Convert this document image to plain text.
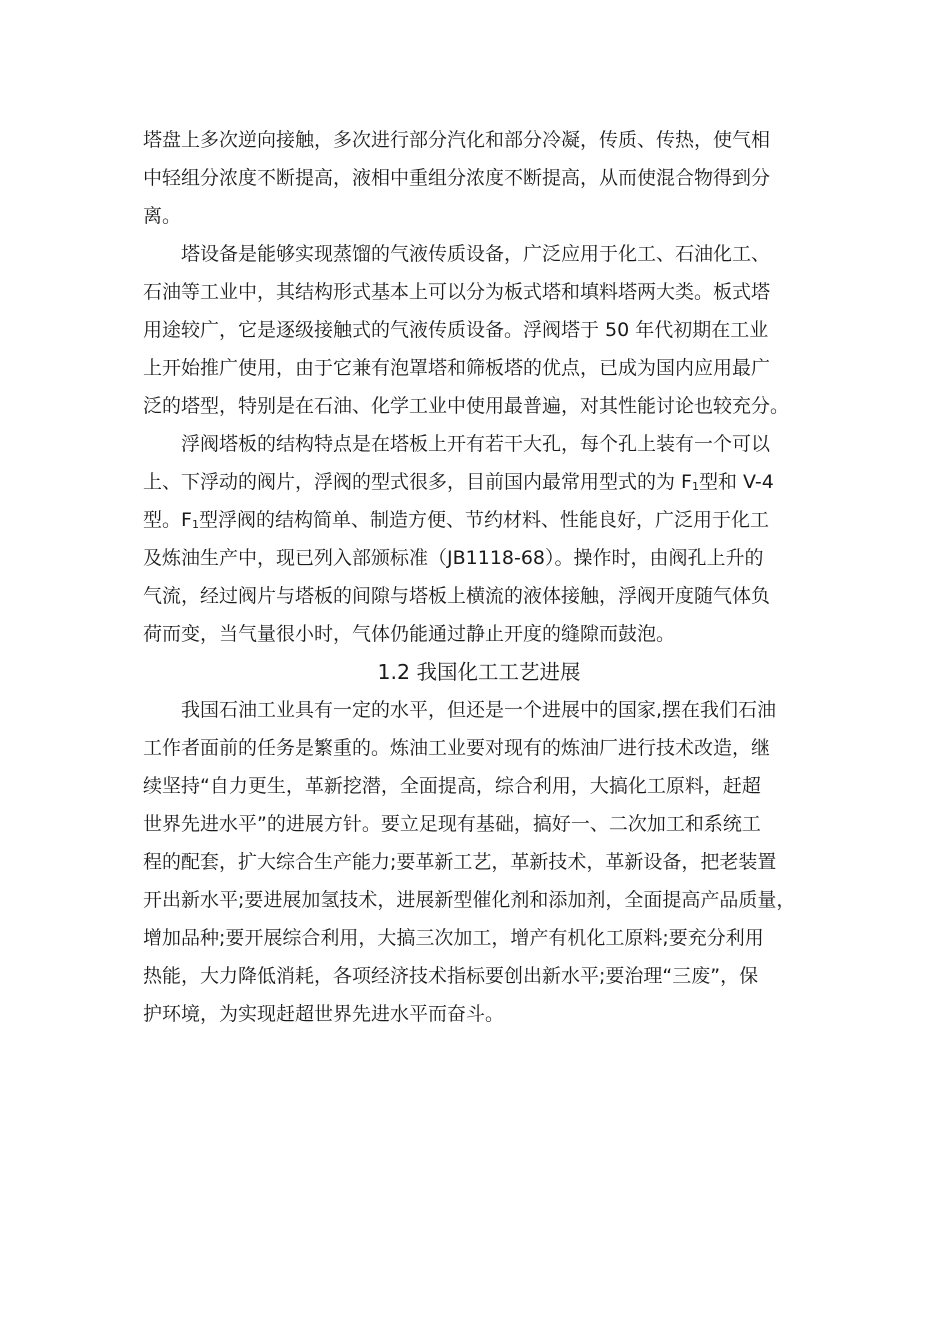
塔盘上多次逆向接触，多次进行部分汽化和部分冷凝，传质、传热，使气相
中轻组分浓度不断提高，液相中重组分浓度不断提高，从而使混合物得到分
离。
塔设备是能够实现蒸馏的气液传质设备，广泛应用于化工、石油化工、
石油等工业中，其结构形式基本上可以分为板式塔和填料塔两大类。板式塔
用途较广，它是逐级接触式的气液传质设备。浮阀塔于 50 年代初期在工业
上开始推广使用，由于它兼有泡罩塔和筛板塔的优点，已成为国内应用最广
泛的塔型，特别是在石油、化学工业中使用最普遍，对其性能讨论也较充分。
浮阀塔板的结构特点是在塔板上开有若干大孔，每个孔上装有一个可以
上、下浮动的阀片，浮阀的型式很多，目前国内最常用型式的为 $F_1$型和 V-4
型。$F_1$型浮阀的结构简单、制造方便、节约材料、性能良好，广泛用于化工
及炼油生产中，现已列入部颁标准（JB1118-68）。操作时，由阀孔上升的
气流，经过阀片与塔板的间隙与塔板上横流的液体接触，浮阀开度随气体负
荷而变，当气量很小时，气体仍能通过静止开度的缝隙而鼓泡。
1.2 我国化工工艺进展
我国石油工业具有一定的水平，但还是一个进展中的国家,摆在我们石油
工作者面前的任务是繁重的。炼油工业要对现有的炼油厂进行技术改造，继
续坚持“自力更生，革新挖潜，全面提高，综合利用，大搞化工原料，赶超
世界先进水平”的进展方针。要立足现有基础，搞好一、二次加工和系统工
程的配套，扩大综合生产能力;要革新工艺，革新技术，革新设备，把老装置
开出新水平;要进展加氢技术，进展新型催化剂和添加剂，全面提高产品质量，
增加品种;要开展综合利用，大搞三次加工，增产有机化工原料;要充分利用
热能，大力降低消耗，各项经济技术指标要创出新水平;要治理“三废”，保
护环境，为实现赶超世界先进水平而奋斗。
